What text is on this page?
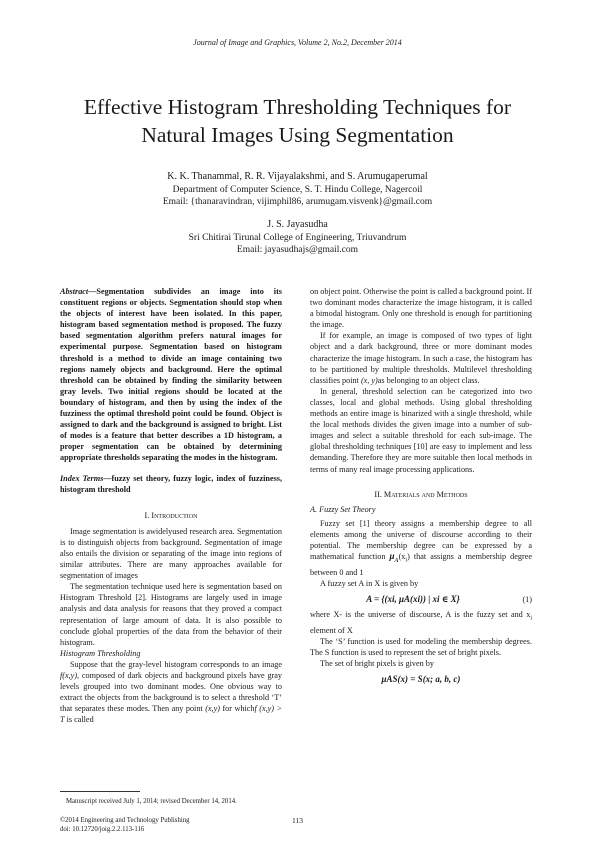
Journal of Image and Graphics, Volume 2, No.2, December 2014
Effective Histogram Thresholding Techniques for
Natural Images Using Segmentation
K. K. Thanammal, R. R. Vijayalakshmi, and S. Arumugaperumal
Department of Computer Science, S. T. Hindu College, Nagercoil
Email: {thanaravindran, vijimphil86, arumugam.visvenk}@gmail.com
J. S. Jayasudha
Sri Chitirai Tirunal College of Engineering, Triuvandrum
Email: jayasudhajs@gmail.com

Abstract—Segmentation subdivides an image into its constituent regions or objects. Segmentation should stop when the objects of interest have been isolated. In this paper, histogram based segmentation method is proposed. The fuzzy based segmentation algorithm prefers natural images for experimental purpose. Segmentation based on histogram threshold is a method to divide an image containing two regions namely objects and background. Here the optimal threshold can be obtained by finding the similarity between gray levels. Two initial regions should be located at the boundary of histogram, and then by using the index of the fuzziness the optimal threshold point could be found. Object is assigned to dark and the background is assigned to bright. List of modes is a feature that better describes a 1D histogram, a proper segmentation can be obtained by determining appropriate thresholds separating the modes in the histogram.

Index Terms—fuzzy set theory, fuzzy logic, index of fuzziness, histogram threshold

I. Introduction

Image segmentation is awidelyused research area. Segmentation is to distinguish objects from background. Segmentation of image also entails the division or separating of the image into regions of similar attributes. There are many approaches available for segmentation of images

The segmentation technique used here is segmentation based on Histogram Threshold [2]. Histograms are largely used in image analysis and data analysis for reasons that they proved a compact representation of large amount of data. It is also possible to conclude global properties of the data from the behavior of their histogram.

Histogram Thresholding

Suppose that the gray-level histogram corresponds to an image f(x,y), composed of dark objects and background pixels have gray levels grouped into two dominant modes. One obvious way to extract the objects from the background is to select a threshold ‘T’ that separates these modes. Then any point (x,y) for whichf (x,y) > T is called

on object point. Otherwise the point is called a background point. If two dominant modes characterize the image histogram, it is called a bimodal histogram. Only one threshold is enough for partitioning the image.

If for example, an image is composed of two types of light object and a dark background, three or more dominant modes characterize the image histogram. In such a case, the histogram has to be partitioned by multiple thresholds. Multilevel thresholding classifies point (x, y)as belonging to an object class.

In general, threshold selection can be categorized into two classes, local and global methods. Using global thresholding methods an entire image is binarized with a single threshold, while the local methods divides the given image into a number of sub-images and select a suitable threshold for each sub-image. The global thresholding techniques [10] are easy to implement and less demanding. Therefore they are more suitable then local methods in terms of many real image processing applications.

II. Materials and Methods

A. Fuzzy Set Theory

Fuzzy set [1] theory assigns a membership degree to all elements among the universe of discourse according to their potential. The membership degree can be expressed by a mathematical function $\mu_A(x_i)$ that assigns a membership degree between 0 and 1

A fuzzy set A in X is given by

A = {(xi, μA(xi)) | xi ∈ X}	(1)

where X- is the universe of discourse, A is the fuzzy set and $x_i$ element of X

The ‘S’ function is used for modeling the membership degrees. The S function is used to represent the set of bright pixels.

The set of bright pixels is given by

μAS(x) = S(x; a, b, c)
Manuscript received July 1, 2014; revised December 14, 2014.
©2014 Engineering and Technology Publishing
doi: 10.12720/joig.2.2.113-116
113
